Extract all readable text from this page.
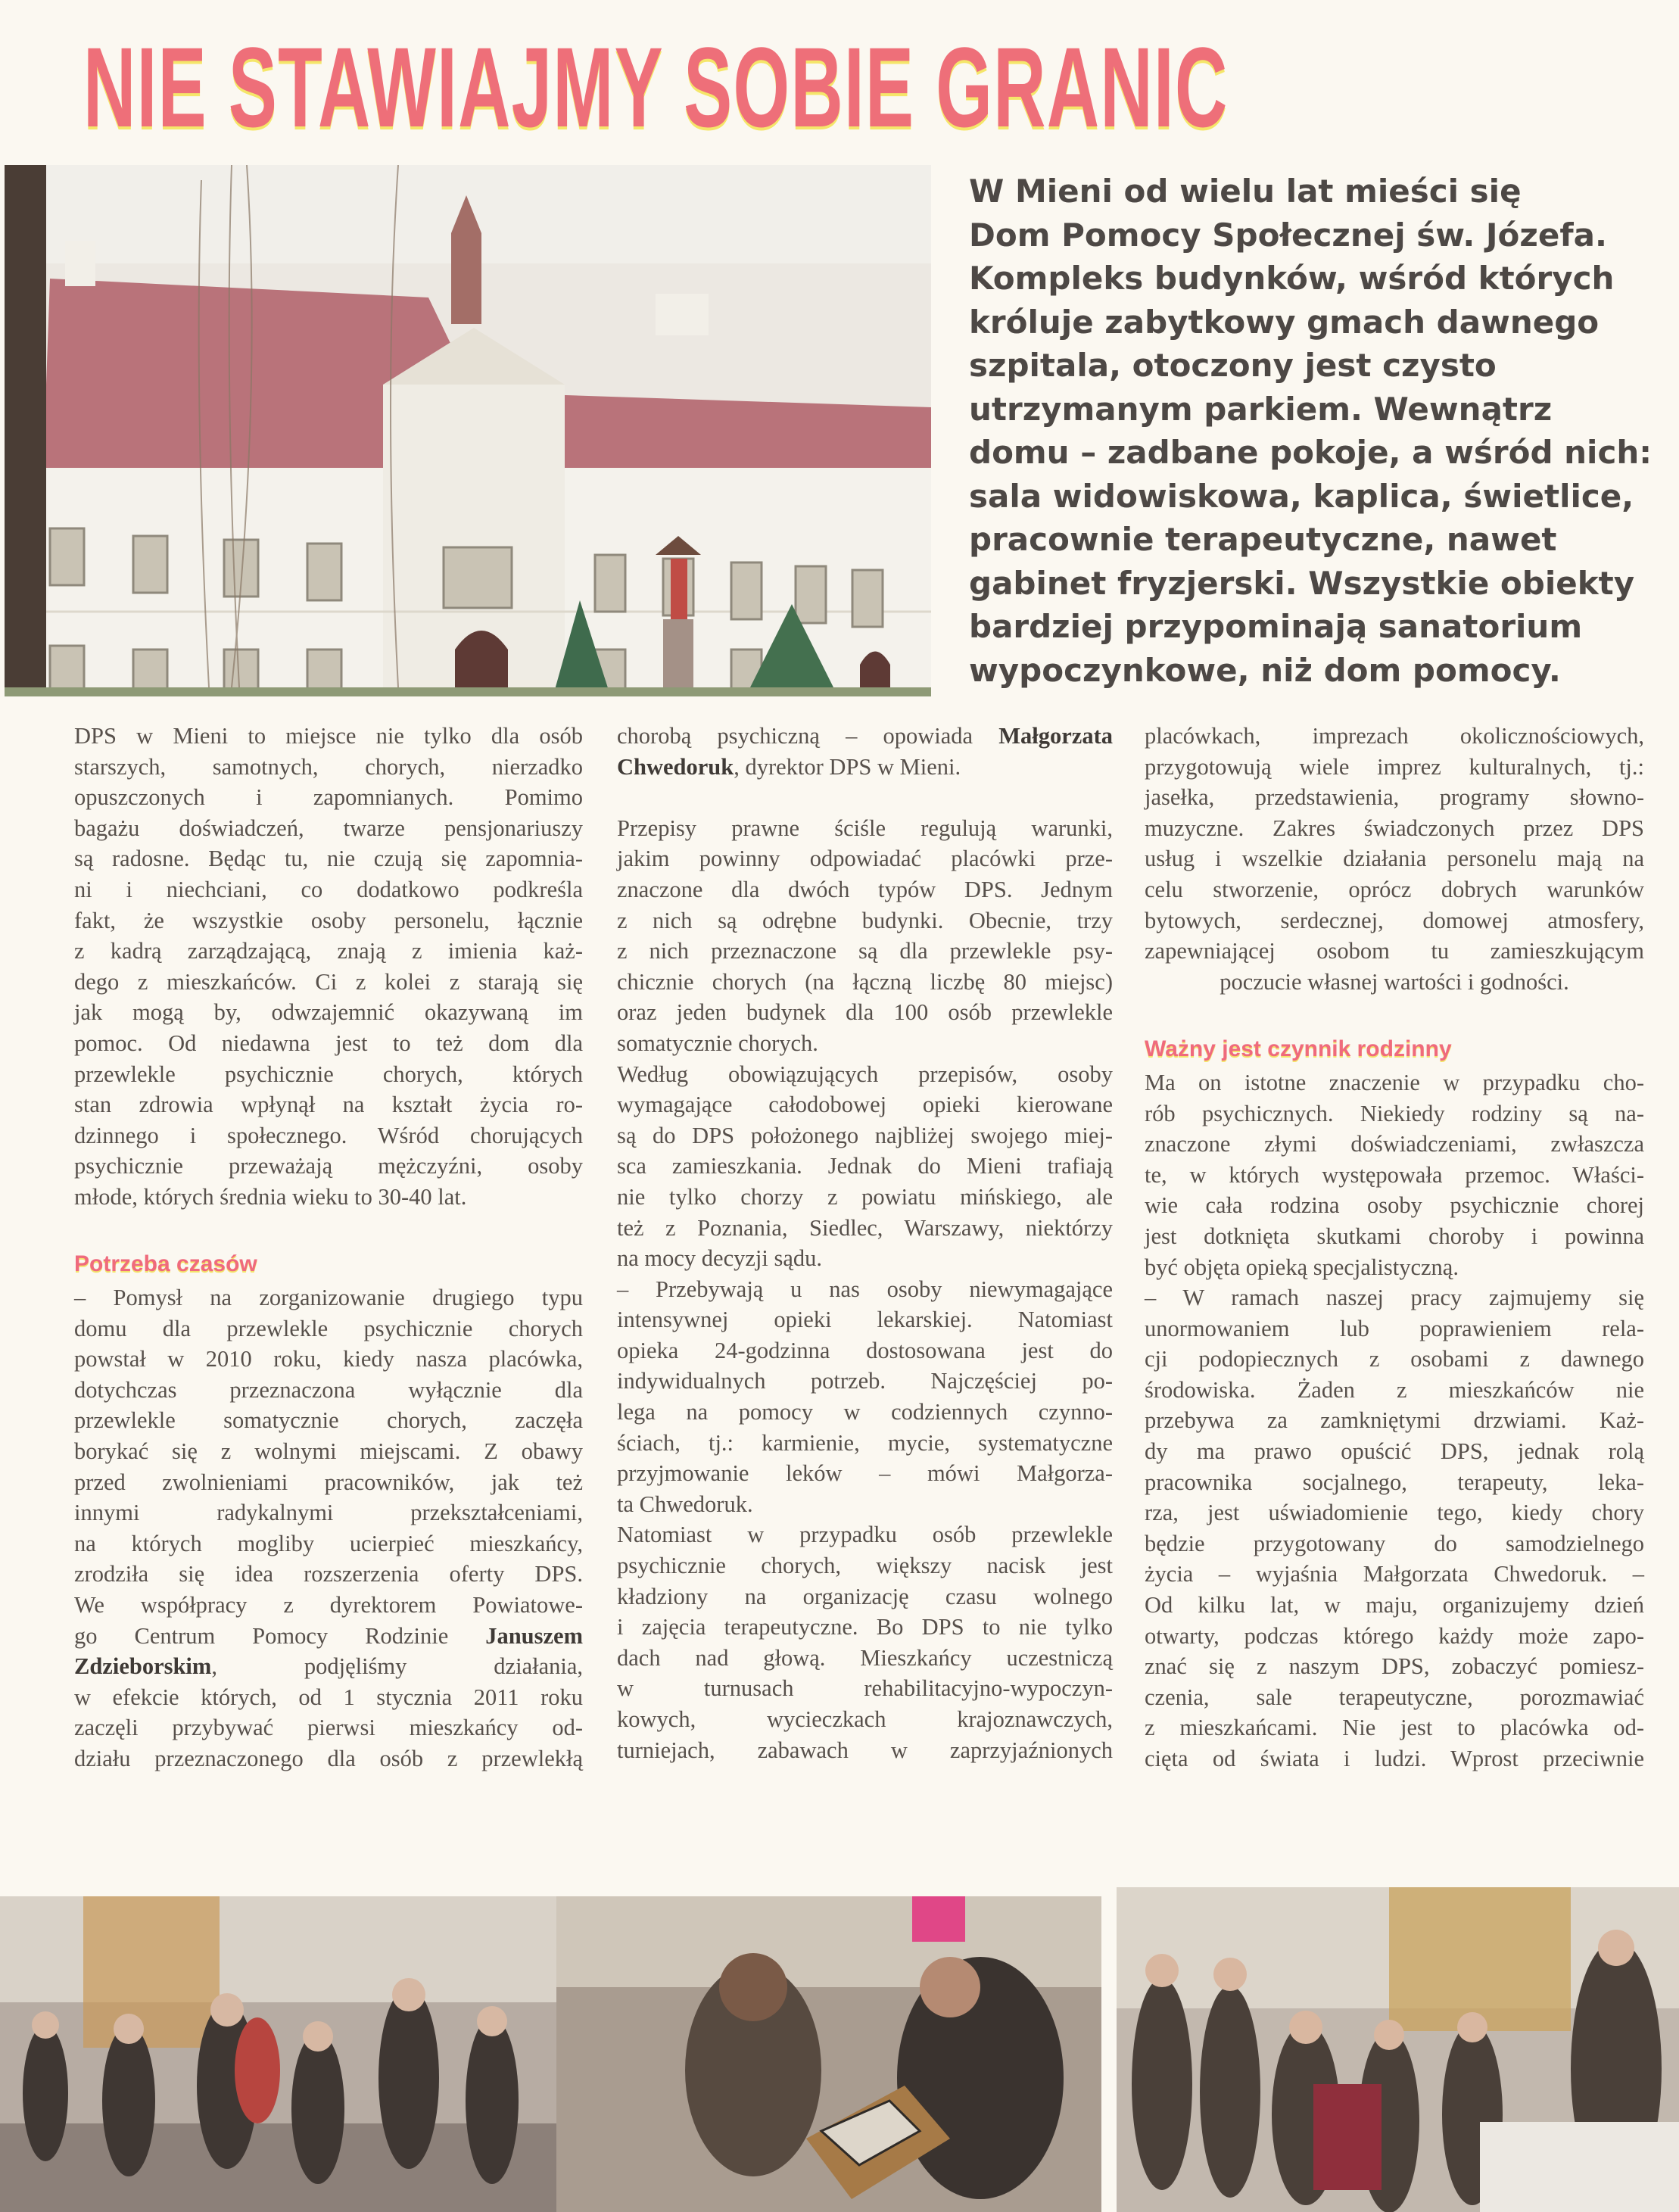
NIE STAWIAJMY SOBIE GRANIC
W Mieni od wielu lat mieści się
Dom Pomocy Społecznej św. Józefa.
Kompleks budynków, wśród których
króluje zabytkowy gmach dawnego
szpitala, otoczony jest czysto
utrzymanym parkiem. Wewnątrz
domu – zadbane pokoje, a wśród nich:
sala widowiskowa, kaplica, świetlice,
pracownie terapeutyczne, nawet
gabinet fryzjerski. Wszystkie obiekty
bardziej przypominają sanatorium
wypoczynkowe, niż dom pomocy.
DPS w Mieni to miejsce nie tylko dla osób
starszych, samotnych, chorych, nierzadko
opuszczonych i zapomnianych. Pomimo
bagażu doświadczeń, twarze pensjonariuszy
są radosne. Będąc tu, nie czują się zapomnia-
ni i niechciani, co dodatkowo podkreśla
fakt, że wszystkie osoby personelu, łącznie
z kadrą zarządzającą, znają z imienia każ-
dego z mieszkańców. Ci z kolei z starają się
jak mogą by, odwzajemnić okazywaną im
pomoc. Od niedawna jest to też dom dla
przewlekle psychicznie chorych, których
stan zdrowia wpłynął na kształt życia ro-
dzinnego i społecznego. Wśród chorujących
psychicznie przeważają mężczyźni, osoby
młode, których średnia wieku to 30-40 lat.
Potrzeba czasów
– Pomysł na zorganizowanie drugiego typu
domu dla przewlekle psychicznie chorych
powstał w 2010 roku, kiedy nasza placówka,
dotychczas przeznaczona wyłącznie dla
przewlekle somatycznie chorych, zaczęła
borykać się z wolnymi miejscami. Z obawy
przed zwolnieniami pracowników, jak też
innymi radykalnymi przekształceniami,
na których mogliby ucierpieć mieszkańcy,
zrodziła się idea rozszerzenia oferty DPS.
We współpracy z dyrektorem Powiatowe-
go Centrum Pomocy Rodzinie Januszem
Zdzieborskim, podjęliśmy działania,
w efekcie których, od 1 stycznia 2011 roku
zaczęli przybywać pierwsi mieszkańcy od-
działu przeznaczonego dla osób z przewlekłą
chorobą psychiczną – opowiada Małgorzata
Chwedoruk, dyrektor DPS w Mieni.
Przepisy prawne ściśle regulują warunki,
jakim powinny odpowiadać placówki prze-
znaczone dla dwóch typów DPS. Jednym
z nich są odrębne budynki. Obecnie, trzy
z nich przeznaczone są dla przewlekle psy-
chicznie chorych (na łączną liczbę 80 miejsc)
oraz jeden budynek dla 100 osób przewlekle
somatycznie chorych.
Według obowiązujących przepisów, osoby
wymagające całodobowej opieki kierowane
są do DPS położonego najbliżej swojego miej-
sca zamieszkania. Jednak do Mieni trafiają
nie tylko chorzy z powiatu mińskiego, ale
też z Poznania, Siedlec, Warszawy, niektórzy
na mocy decyzji sądu.
– Przebywają u nas osoby niewymagające
intensywnej opieki lekarskiej. Natomiast
opieka 24-godzinna dostosowana jest do
indywidualnych potrzeb. Najczęściej po-
lega na pomocy w codziennych czynno-
ściach, tj.: karmienie, mycie, systematyczne
przyjmowanie leków – mówi Małgorza-
ta Chwedoruk.
Natomiast w przypadku osób przewlekle
psychicznie chorych, większy nacisk jest
kładziony na organizację czasu wolnego
i zajęcia terapeutyczne. Bo DPS to nie tylko
dach nad głową. Mieszkańcy uczestniczą
w turnusach rehabilitacyjno-wypoczyn-
kowych, wycieczkach krajoznawczych,
turniejach, zabawach w zaprzyjaźnionych
placówkach, imprezach okolicznościowych,
przygotowują wiele imprez kulturalnych, tj.:
jasełka, przedstawienia, programy słowno-
muzyczne. Zakres świadczonych przez DPS
usług i wszelkie działania personelu mają na
celu stworzenie, oprócz dobrych warunków
bytowych, serdecznej, domowej atmosfery,
zapewniającej osobom tu zamieszkującym
poczucie własnej wartości i godności.
Ważny jest czynnik rodzinny
Ma on istotne znaczenie w przypadku cho-
rób psychicznych. Niekiedy rodziny są na-
znaczone złymi doświadczeniami, zwłaszcza
te, w których występowała przemoc. Właści-
wie cała rodzina osoby psychicznie chorej
jest dotknięta skutkami choroby i powinna
być objęta opieką specjalistyczną.
– W ramach naszej pracy zajmujemy się
unormowaniem lub poprawieniem rela-
cji podopiecznych z osobami z dawnego
środowiska. Żaden z mieszkańców nie
przebywa za zamkniętymi drzwiami. Każ-
dy ma prawo opuścić DPS, jednak rolą
pracownika socjalnego, terapeuty, leka-
rza, jest uświadomienie tego, kiedy chory
będzie przygotowany do samodzielnego
życia – wyjaśnia Małgorzata Chwedoruk. –
Od kilku lat, w maju, organizujemy dzień
otwarty, podczas którego każdy może zapo-
znać się z naszym DPS, zobaczyć pomiesz-
czenia, sale terapeutyczne, porozmawiać
z mieszkańcami. Nie jest to placówka od-
cięta od świata i ludzi. Wprost przeciwnie
